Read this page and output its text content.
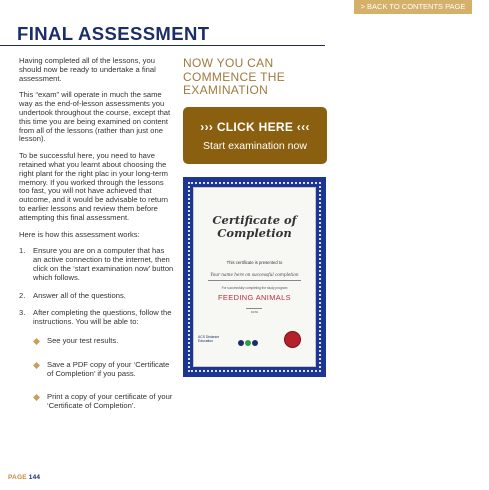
> BACK TO CONTENTS PAGE
FINAL ASSESSMENT

Having completed all of the lessons, you should now be ready to undertake a final assessment.

This “exam” will operate in much the same way as the end-of-lesson assessments you undertook throughout the course, except that this time you are being examined on content from all of the lessons (rather than just one lesson).

To be successful here, you need to have retained what you learnt about choosing the right plant for the right plac in your long-term memory. If you worked through the lessons too fast, you will not have achieved that outcome, and it would be advisable to return to earlier lessons and review them before attempting this final assessment.

Here is how this assessment works:

1. Ensure you are on a computer that has an active connection to the internet, then click on the ‘start examination now’ button which follows.
2. Answer all of the questions.
3. After completing the questions, follow the instructions. You will be able to:
See your test results.
Save a PDF copy of your ‘Certificate of Completion’ if you pass.
Print a copy of your certificate of your ‘Certificate of Completion’.
NOW YOU CAN COMMENCE THE EXAMINATION
››› CLICK HERE ‹‹‹
Start examination now
Certificate of
Completion
This certificate is presented to
Your name here on successful completion
For successfully completing the study program
FEEDING ANIMALS
DATE
ACS Distance
Education
PAGE 144
